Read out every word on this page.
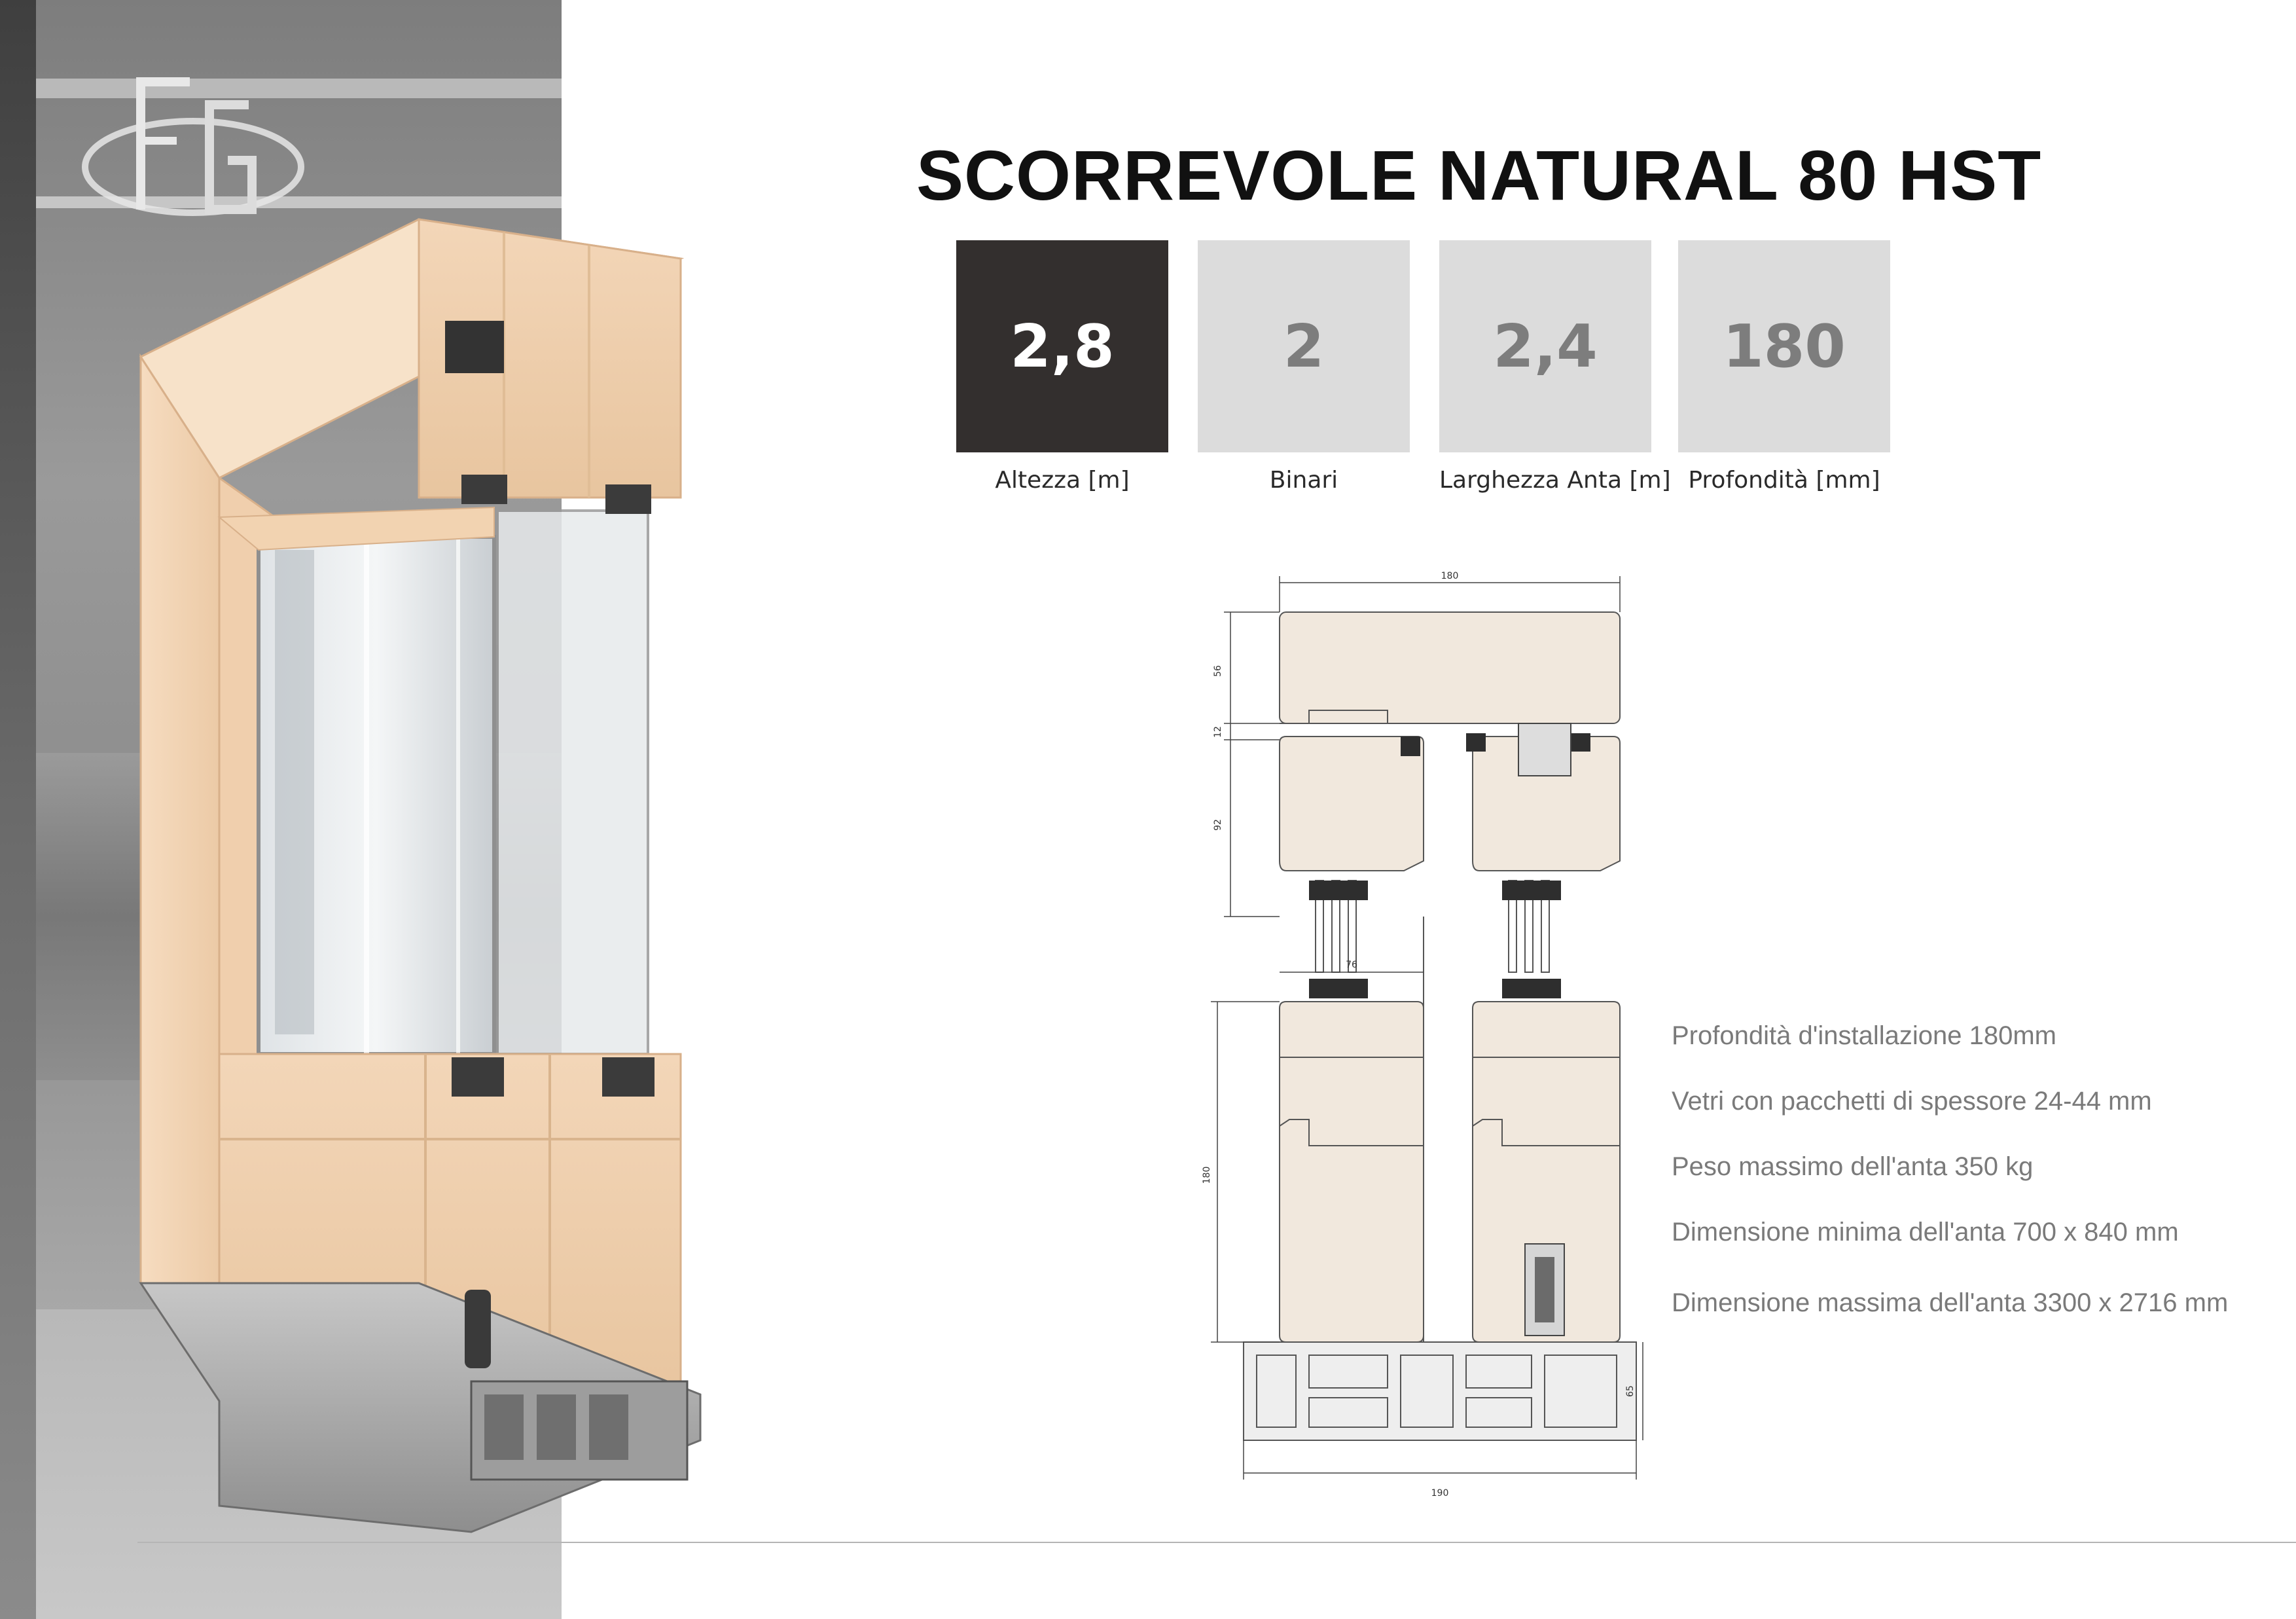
SCORREVOLE NATURAL 80 HST
2,8
Altezza [m]
2
Binari
2,4
Larghezza Anta [m]
180
Profondità [mm]
180
56
12
92
76
180
65
190
Profondità d'installazione 180mm
Vetri con pacchetti di spessore 24-44 mm
Peso massimo dell'anta 350 kg
Dimensione minima dell'anta 700 x 840 mm
Dimensione massima dell'anta 3300 x 2716 mm
